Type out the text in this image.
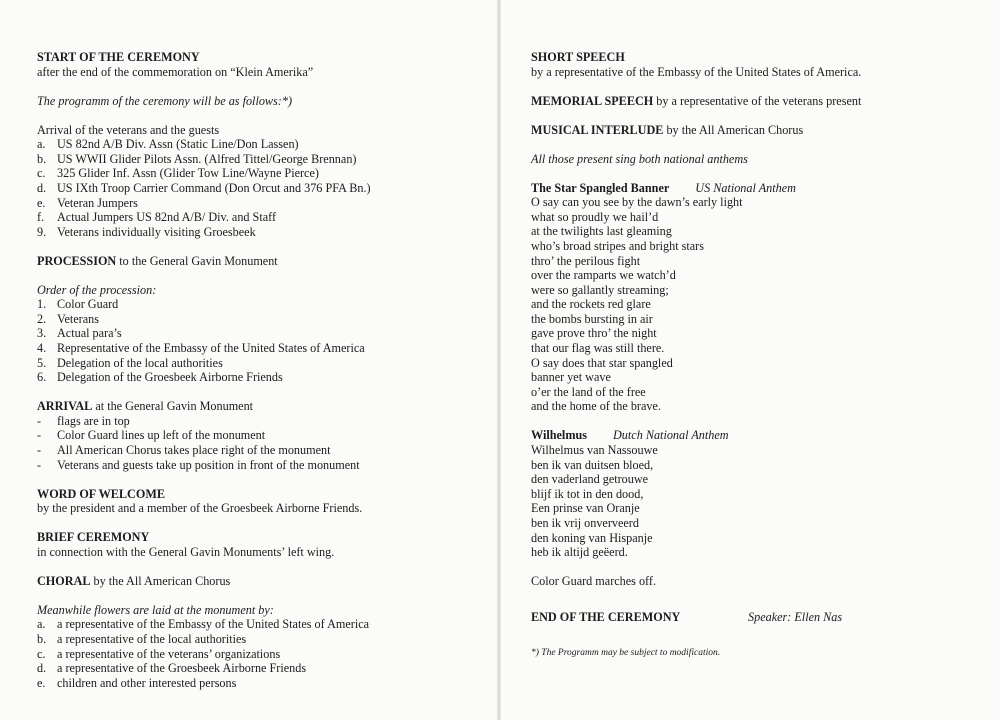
START OF THE CEREMONY
after the end of the commemoration on “Klein Amerika”
The programm of the ceremony will be as follows:*)
Arrival of the veterans and the guests
a. US 82nd A/B Div. Assn (Static Line/Don Lassen)
b. US WWII Glider Pilots Assn. (Alfred Tittel/George Brennan)
c. 325 Glider Inf. Assn (Glider Tow Line/Wayne Pierce)
d. US IXth Troop Carrier Command (Don Orcut and 376 PFA Bn.)
e. Veteran Jumpers
f.	Actual Jumpers US 82nd A/B/ Div. and Staff
9. Veterans individually visiting Groesbeek
PROCESSION to the General Gavin Monument
Order of the procession:
1. Color Guard
2. Veterans
3. Actual para’s
4. Representative of the Embassy of the United States of America
5. Delegation of the local authorities
6. Delegation of the Groesbeek Airborne Friends
ARRIVAL at the General Gavin Monument
-	flags are in top
-	Color Guard lines up left of the monument
-	All American Chorus takes place right of the monument
-	Veterans and guests take up position in front of the monument
WORD OF WELCOME
by the president and a member of the Groesbeek Airborne Friends.
BRIEF CEREMONY
in connection with the General Gavin Monuments’ left wing.
CHORAL by the All American Chorus
Meanwhile flowers are laid at the monument by:
a. a representative of the Embassy of the United States of America
b. a representative of the local authorities
c. a representative of the veterans’ organizations
d. a representative of the Groesbeek Airborne Friends
e. children and other interested persons
SHORT SPEECH
by a representative of the Embassy of the United States of America.
MEMORIAL SPEECH by a representative of the veterans present
MUSICAL INTERLUDE by the All American Chorus
All those present sing both national anthems
The Star Spangled Banner US National Anthem
O say can you see by the dawn’s early light
what so proudly we hail’d
at the twilights last gleaming
who’s broad stripes and bright stars
thro’ the perilous fight
over the ramparts we watch’d
were so gallantly streaming;
and the rockets red glare
the bombs bursting in air
gave prove thro’ the night
that our flag was still there.
O say does that star spangled
banner yet wave
o’er the land of the free
and the home of the brave.
Wilhelmus Dutch National Anthem
Wilhelmus van Nassouwe
ben ik van duitsen bloed,
den vaderland getrouwe
blijf ik tot in den dood,
Een prinse van Oranje
ben ik vrij onverveerd
den koning van Hispanje
heb ik altijd geëerd.
Color Guard marches off.
END OF THE CEREMONY	Speaker: Ellen Nas
*) The Programm may be subject to modification.
